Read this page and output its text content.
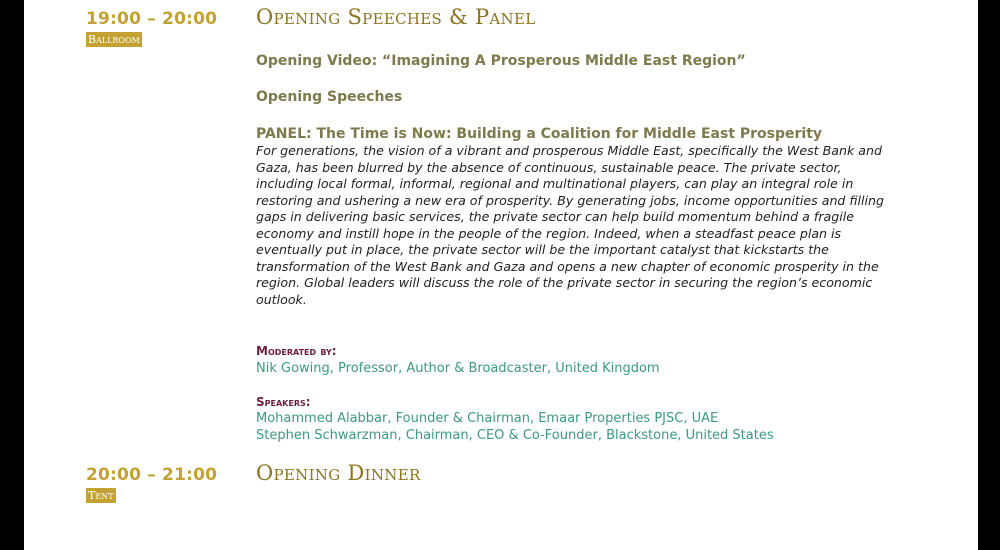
19:00 – 20:00
Ballroom
Opening Speeches & Panel
Opening Video: “Imagining A Prosperous Middle East Region”
Opening Speeches
PANEL: The Time is Now: Building a Coalition for Middle East Prosperity
For generations, the vision of a vibrant and prosperous Middle East, specifically the West Bank and Gaza, has been blurred by the absence of continuous, sustainable peace. The private sector, including local formal, informal, regional and multinational players, can play an integral role in restoring and ushering a new era of prosperity. By generating jobs, income opportunities and filling gaps in delivering basic services, the private sector can help build momentum behind a fragile economy and instill hope in the people of the region. Indeed, when a steadfast peace plan is eventually put in place, the private sector will be the important catalyst that kickstarts the transformation of the West Bank and Gaza and opens a new chapter of economic prosperity in the region. Global leaders will discuss the role of the private sector in securing the region’s economic outlook.
Moderated by:
Nik Gowing, Professor, Author & Broadcaster, United Kingdom
Speakers:
Mohammed Alabbar, Founder & Chairman, Emaar Properties PJSC, UAE
Stephen Schwarzman, Chairman, CEO & Co-Founder, Blackstone, United States
20:00 – 21:00
Tent
Opening Dinner
